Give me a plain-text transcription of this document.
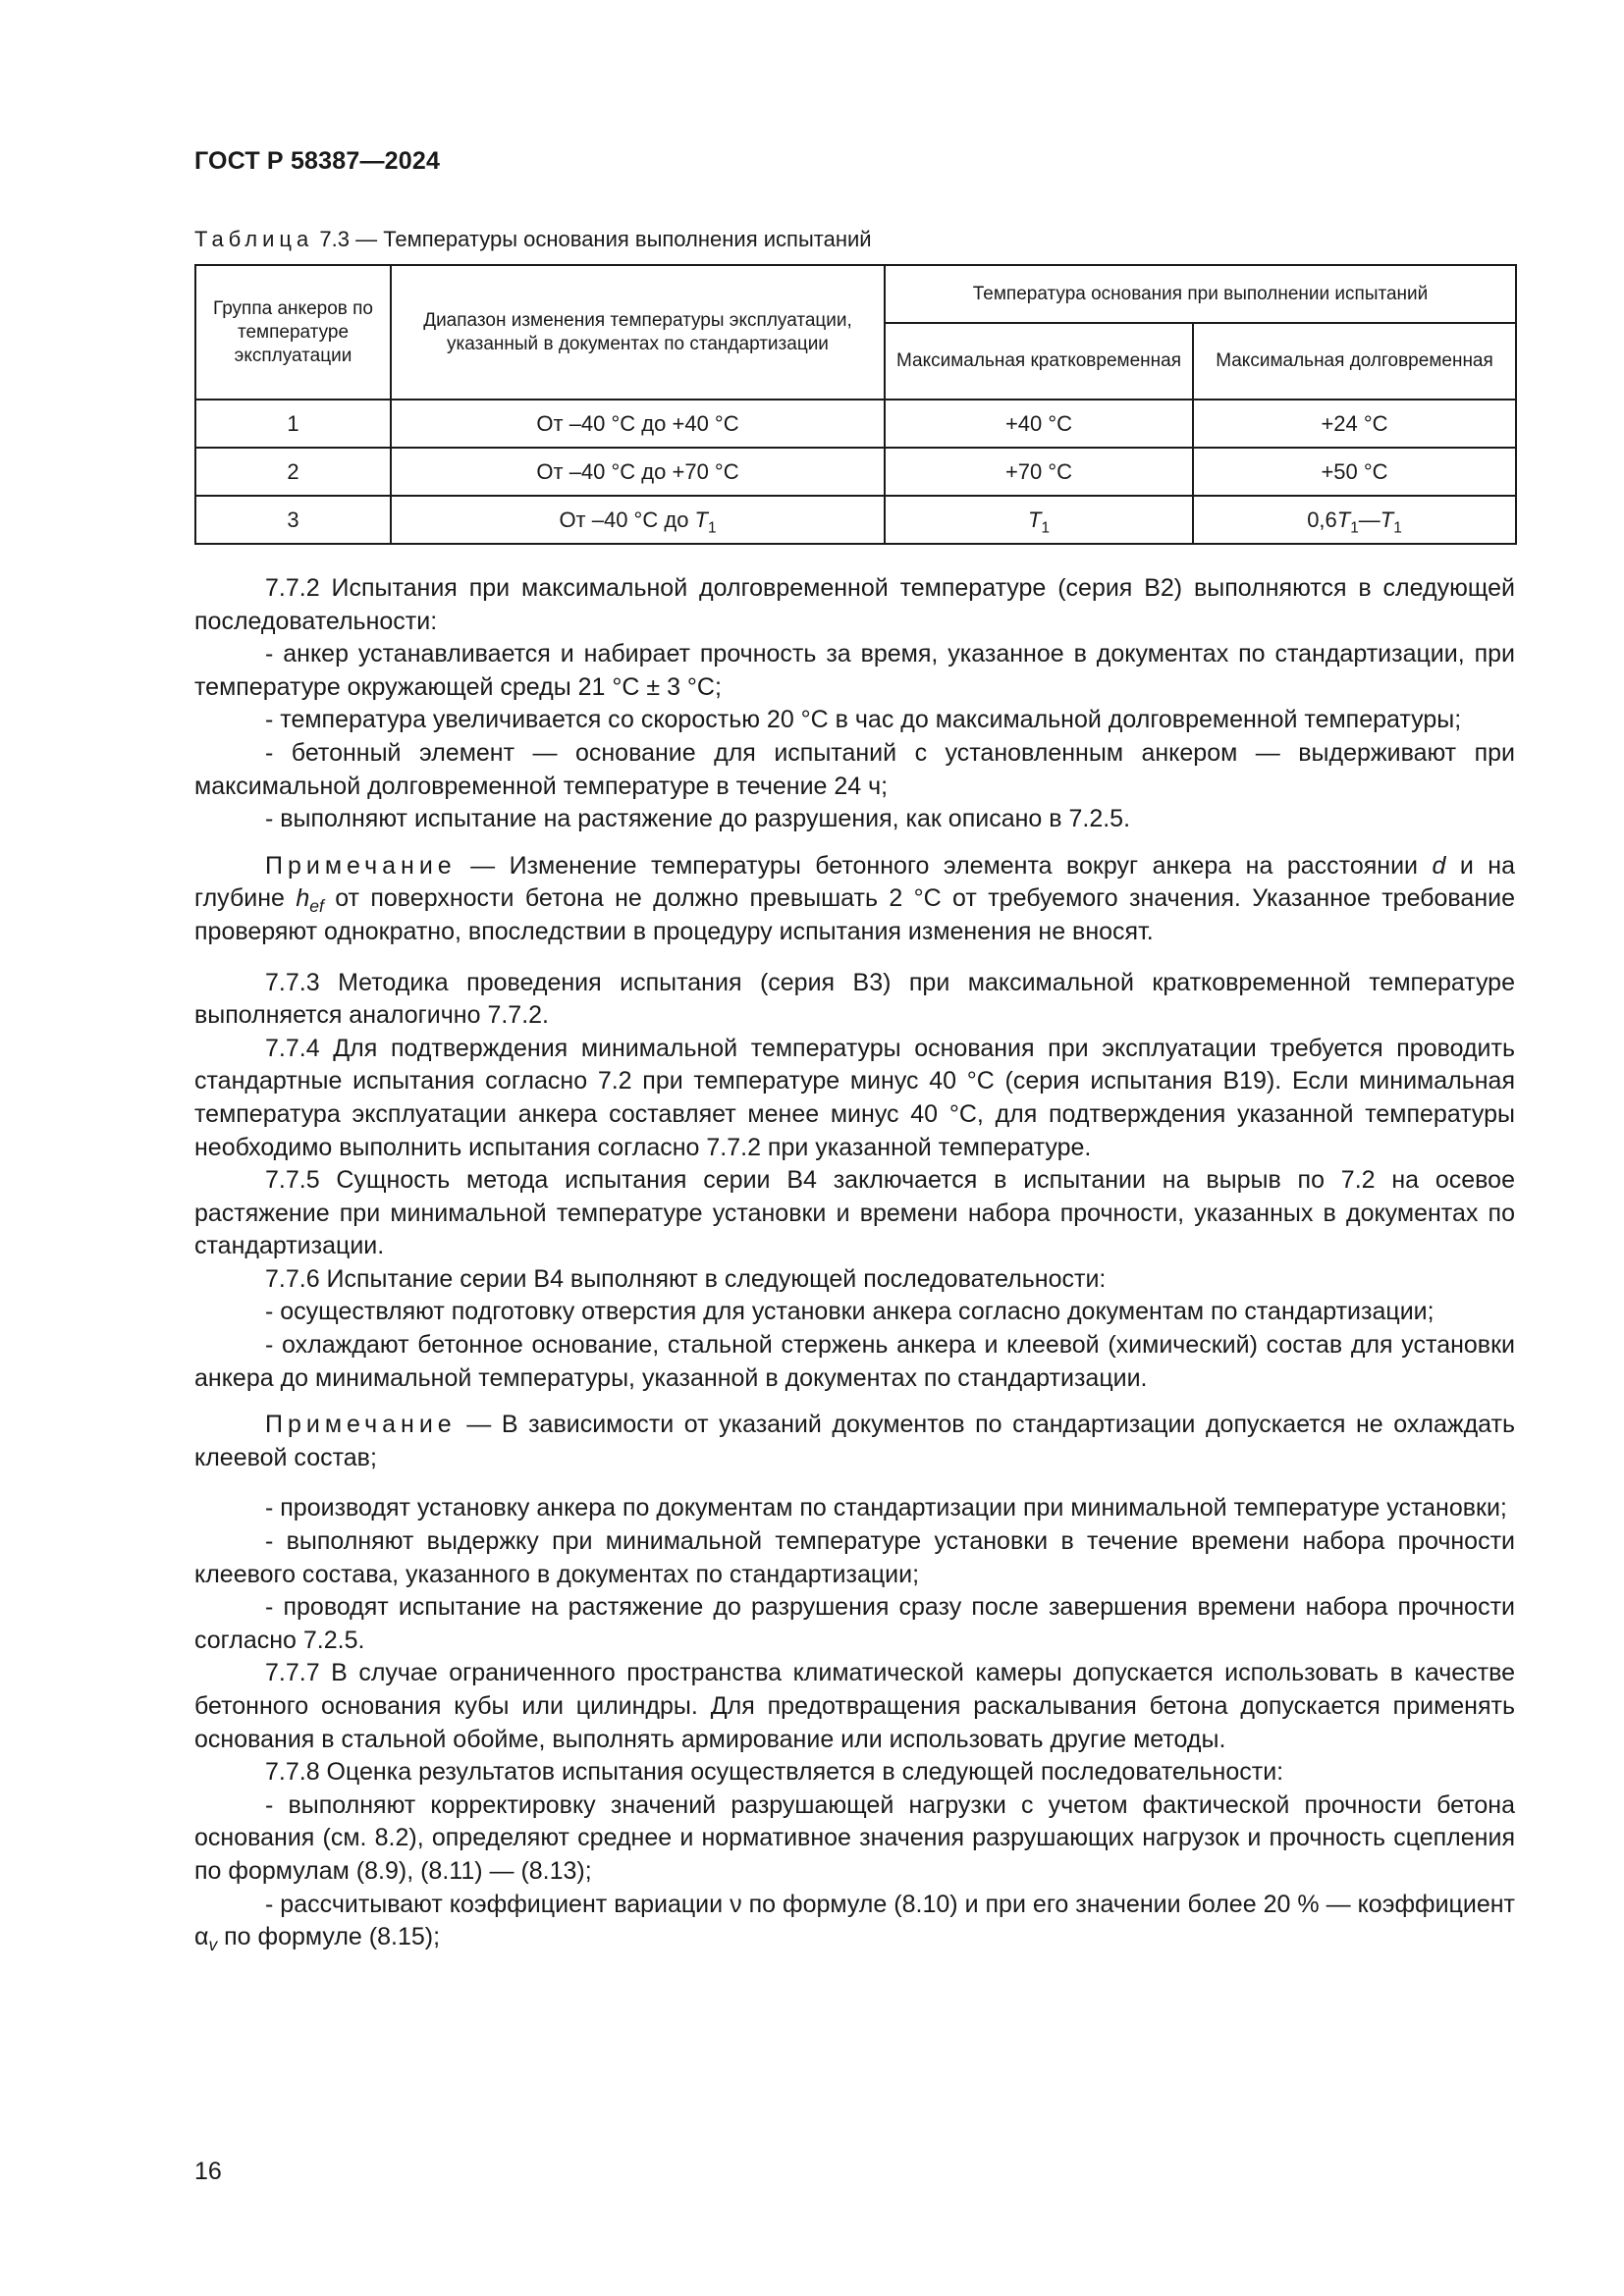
ГОСТ Р 58387—2024
Таблица 7.3 — Температуры основания выполнения испытаний
Группа анкеров по температуре эксплуатации	Диапазон изменения температуры эксплуатации, указанный в документах по стандартизации	Температура основания при выполнении испытаний	
		Максимальная кратковременная	Максимальная долговременная
1	От –40 °C до +40 °C	+40 °C	+24 °C
2	От –40 °C до +70 °C	+70 °C	+50 °C
3	От –40 °C до $T_1$	$T_1$	$0,6T_1—T_1$

7.7.2 Испытания при максимальной долговременной температуре (серия В2) выполняются в следующей последовательности:

- анкер устанавливается и набирает прочность за время, указанное в документах по стандартизации, при температуре окружающей среды 21 °С ± 3 °С;

- температура увеличивается со скоростью 20 °С в час до максимальной долговременной температуры;

- бетонный элемент — основание для испытаний с установленным анкером — выдерживают при максимальной долговременной температуре в течение 24 ч;

- выполняют испытание на растяжение до разрушения, как описано в 7.2.5.

Примечание — Изменение температуры бетонного элемента вокруг анкера на расстоянии d и на глубине $h_{ef}$ от поверхности бетона не должно превышать 2 °С от требуемого значения. Указанное требование проверяют однократно, впоследствии в процедуру испытания изменения не вносят.

7.7.3 Методика проведения испытания (серия В3) при максимальной кратковременной температуре выполняется аналогично 7.7.2.

7.7.4 Для подтверждения минимальной температуры основания при эксплуатации требуется проводить стандартные испытания согласно 7.2 при температуре минус 40 °С (серия испытания В19). Если минимальная температура эксплуатации анкера составляет менее минус 40 °С, для подтверждения указанной температуры необходимо выполнить испытания согласно 7.7.2 при указанной температуре.

7.7.5 Сущность метода испытания серии В4 заключается в испытании на вырыв по 7.2 на осевое растяжение при минимальной температуре установки и времени набора прочности, указанных в документах по стандартизации.

7.7.6 Испытание серии В4 выполняют в следующей последовательности:

- осуществляют подготовку отверстия для установки анкера согласно документам по стандартизации;

- охлаждают бетонное основание, стальной стержень анкера и клеевой (химический) состав для установки анкера до минимальной температуры, указанной в документах по стандартизации.

Примечание — В зависимости от указаний документов по стандартизации допускается не охлаждать клеевой состав;

- производят установку анкера по документам по стандартизации при минимальной температуре установки;

- выполняют выдержку при минимальной температуре установки в течение времени набора прочности клеевого состава, указанного в документах по стандартизации;

- проводят испытание на растяжение до разрушения сразу после завершения времени набора прочности согласно 7.2.5.

7.7.7 В случае ограниченного пространства климатической камеры допускается использовать в качестве бетонного основания кубы или цилиндры. Для предотвращения раскалывания бетона допускается применять основания в стальной обойме, выполнять армирование или использовать другие методы.

7.7.8 Оценка результатов испытания осуществляется в следующей последовательности:

- выполняют корректировку значений разрушающей нагрузки с учетом фактической прочности бетона основания (см. 8.2), определяют среднее и нормативное значения разрушающих нагрузок и прочность сцепления по формулам (8.9), (8.11) — (8.13);

- рассчитывают коэффициент вариации ν по формуле (8.10) и при его значении более 20 % — коэффициент $\alpha_v$ по формуле (8.15);

16
